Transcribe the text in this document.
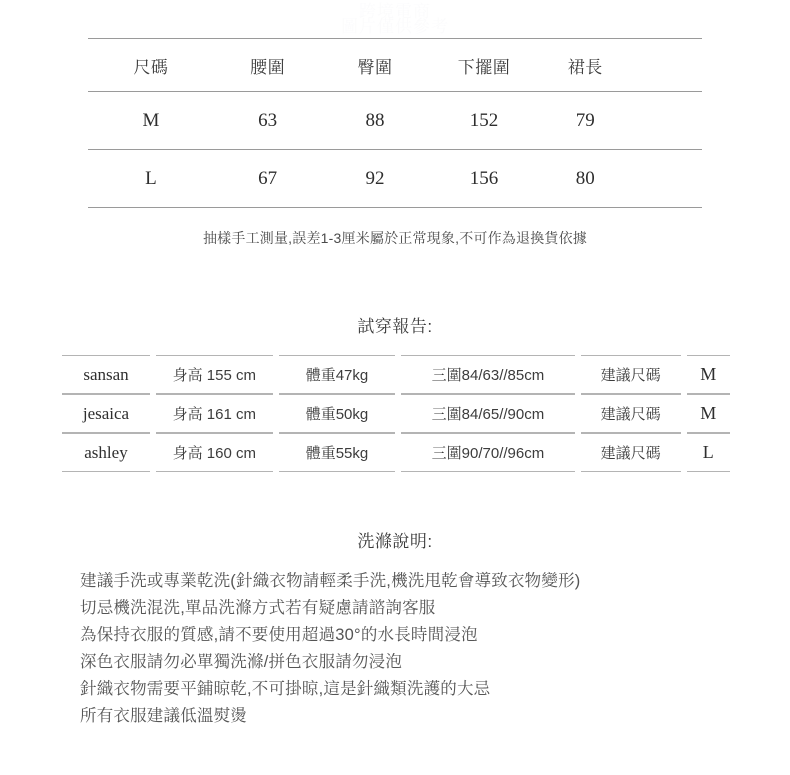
跨境電商
圖片僅供參考
尺碼	腰圍	臀圍	下擺圍	裙長	
M	63	88	152	79	
L	67	92	156	80	
抽樣手工測量,誤差1-3厘米屬於正常現象,不可作為退換貨依據
試穿報告:
sansan	身高 155 cm	體重47kg	三圍84/63//85cm	建議尺碼	M
jesaica	身高 161 cm	體重50kg	三圍84/65//90cm	建議尺碼	M
ashley	身高 160 cm	體重55kg	三圍90/70//96cm	建議尺碼	L
洗滌說明:
建議手洗或專業乾洗(針織衣物請輕柔手洗,機洗甩乾會導致衣物變形)
切忌機洗混洗,單品洗滌方式若有疑慮請諮詢客服
為保持衣服的質感,請不要使用超過30°的水長時間浸泡
深色衣服請勿必單獨洗滌/拼色衣服請勿浸泡
針織衣物需要平鋪晾乾,不可掛晾,這是針織類洗護的大忌
所有衣服建議低溫熨燙
